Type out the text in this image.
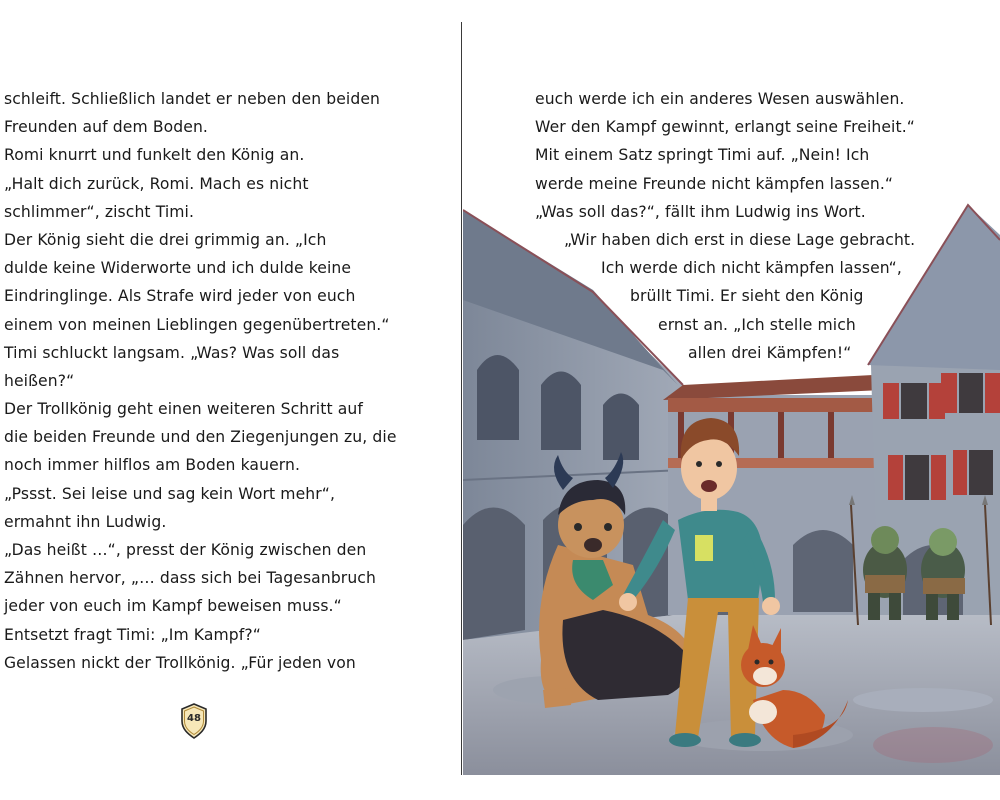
schleift. Schließlich landet er neben den beiden
Freunden auf dem Boden.
Romi knurrt und funkelt den König an.
„Halt dich zurück, Romi. Mach es nicht
schlimmer“, zischt Timi.
Der König sieht die drei grimmig an. „Ich
dulde keine Widerworte und ich dulde keine
Eindringlinge. Als Strafe wird jeder von euch
einem von meinen Lieblingen gegenübertreten.“
Timi schluckt langsam. „Was? Was soll das
heißen?“
Der Trollkönig geht einen weiteren Schritt auf
die beiden Freunde und den Ziegenjungen zu, die
noch immer hilflos am Boden kauern.
„Pssst. Sei leise und sag kein Wort mehr“,
ermahnt ihn Ludwig.
„Das heißt …“, presst der König zwischen den
Zähnen hervor, „… dass sich bei Tagesanbruch
jeder von euch im Kampf beweisen muss.“
Entsetzt fragt Timi: „Im Kampf?“
Gelassen nickt der Trollkönig. „Für jeden von
48
euch werde ich ein anderes Wesen auswählen.
Wer den Kampf gewinnt, erlangt seine Freiheit.“
Mit einem Satz springt Timi auf. „Nein! Ich
werde meine Freunde nicht kämpfen lassen.“
„Was soll das?“, fällt ihm Ludwig ins Wort.
„Wir haben dich erst in diese Lage gebracht.
Ich werde dich nicht kämpfen lassen“,
brüllt Timi. Er sieht den König
ernst an. „Ich stelle mich
allen drei Kämpfen!“
